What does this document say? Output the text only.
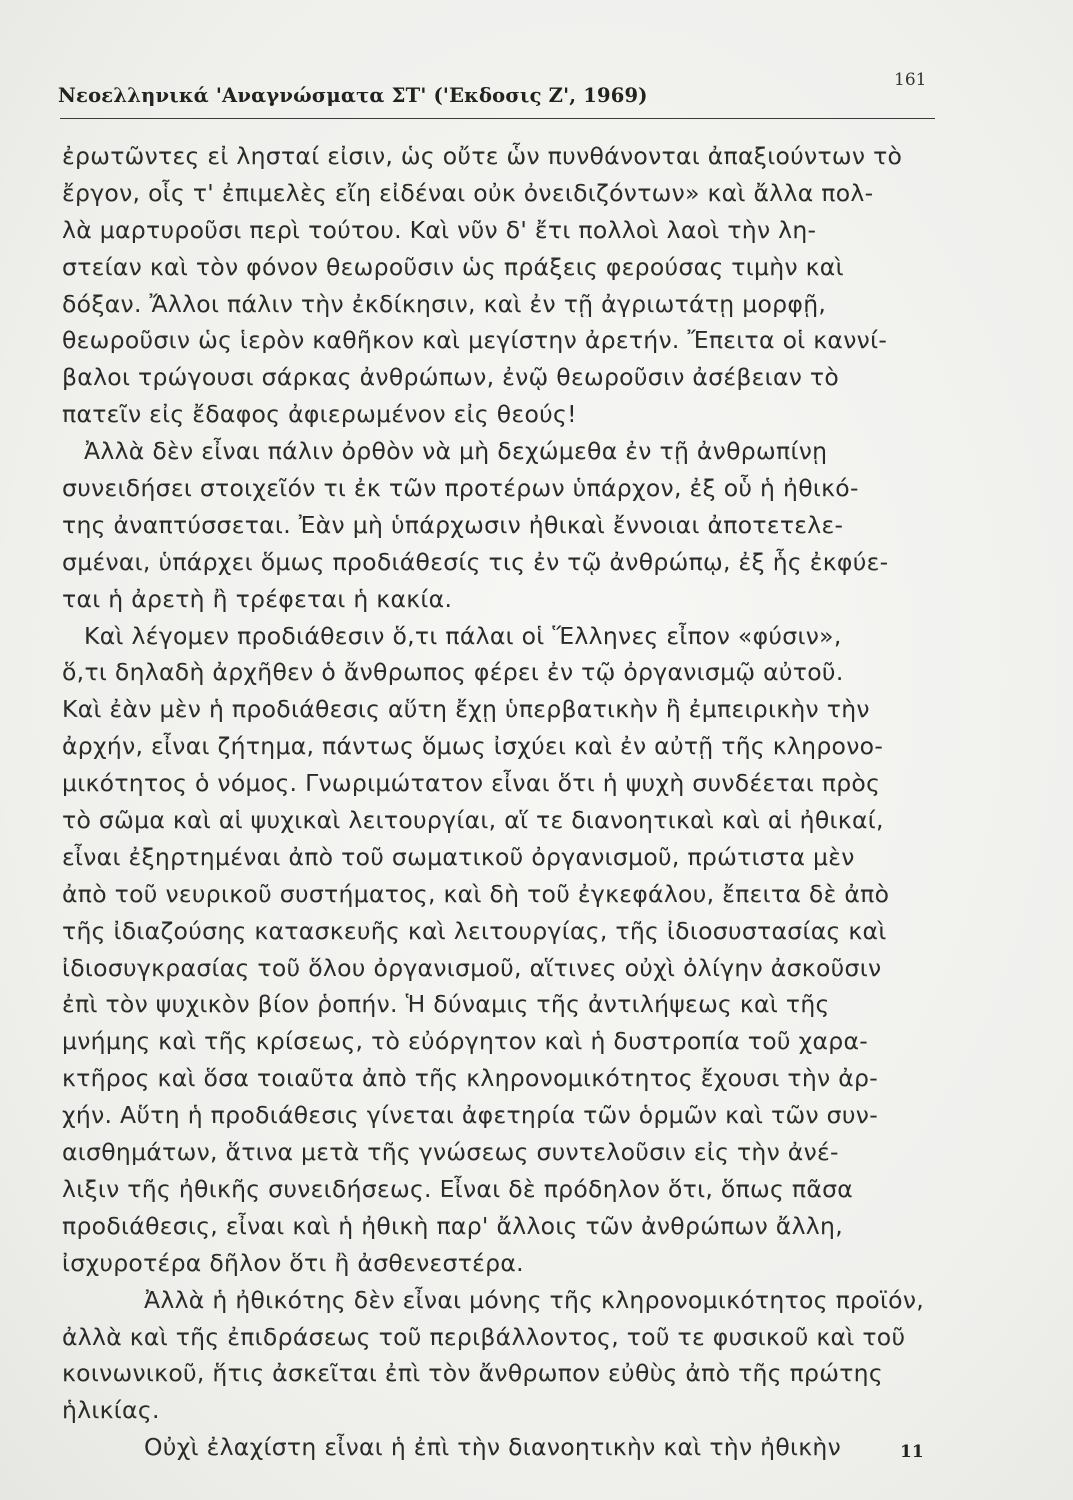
Νεοελληνικά 'Αναγνώσματα ΣΤ' ('Εκδοσις Ζ', 1969)
161
ἐρωτῶντες εἰ λησταί εἰσιν, ὡς οὔτε ὧν πυνθάνονται ἀπαξιούντων τὸ
ἔργον, οἷς τ' ἐπιμελὲς εἴη εἰδέναι οὐκ ὀνειδιζόντων» καὶ ἄλλα πολ-
λὰ μαρτυροῦσι περὶ τούτου. Καὶ νῦν δ' ἔτι πολλοὶ λαοὶ τὴν λη-
στείαν καὶ τὸν φόνον θεωροῦσιν ὡς πράξεις φερούσας τιμὴν καὶ
δόξαν. Ἄλλοι πάλιν τὴν ἐκδίκησιν, καὶ ἐν τῇ ἀγριωτάτῃ μορφῇ,
θεωροῦσιν ὡς ἱερὸν καθῆκον καὶ μεγίστην ἀρετήν. Ἔπειτα οἱ καννί-
βαλοι τρώγουσι σάρκας ἀνθρώπων, ἐνῷ θεωροῦσιν ἀσέβειαν τὸ
πατεῖν εἰς ἔδαφος ἀφιερωμένον εἰς θεούς!
Ἀλλὰ δὲν εἶναι πάλιν ὀρθὸν νὰ μὴ δεχώμεθα ἐν τῇ ἀνθρωπίνῃ
συνειδήσει στοιχεῖόν τι ἐκ τῶν προτέρων ὑπάρχον, ἐξ οὗ ἡ ἠθικό-
της ἀναπτύσσεται. Ἐὰν μὴ ὑπάρχωσιν ἠθικαὶ ἔννοιαι ἀποτετελε-
σμέναι, ὑπάρχει ὅμως προδιάθεσίς τις ἐν τῷ ἀνθρώπῳ, ἐξ ἧς ἐκφύε-
ται ἡ ἀρετὴ ἢ τρέφεται ἡ κακία.
Καὶ λέγομεν προδιάθεσιν ὅ,τι πάλαι οἱ Ἕλληνες εἶπον «φύσιν»,
ὅ,τι δηλαδὴ ἀρχῆθεν ὁ ἄνθρωπος φέρει ἐν τῷ ὀργανισμῷ αὐτοῦ.
Καὶ ἐὰν μὲν ἡ προδιάθεσις αὕτη ἔχῃ ὑπερβατικὴν ἢ ἐμπειρικὴν τὴν
ἀρχήν, εἶναι ζήτημα, πάντως ὅμως ἰσχύει καὶ ἐν αὐτῇ τῆς κληρονο-
μικότητος ὁ νόμος. Γνωριμώτατον εἶναι ὅτι ἡ ψυχὴ συνδέεται πρὸς
τὸ σῶμα καὶ αἱ ψυχικαὶ λειτουργίαι, αἵ τε διανοητικαὶ καὶ αἱ ἠθικαί,
εἶναι ἐξηρτημέναι ἀπὸ τοῦ σωματικοῦ ὀργανισμοῦ, πρώτιστα μὲν
ἀπὸ τοῦ νευρικοῦ συστήματος, καὶ δὴ τοῦ ἐγκεφάλου, ἔπειτα δὲ ἀπὸ
τῆς ἰδιαζούσης κατασκευῆς καὶ λειτουργίας, τῆς ἰδιοσυστασίας καὶ
ἰδιοσυγκρασίας τοῦ ὅλου ὀργανισμοῦ, αἵτινες οὐχὶ ὀλίγην ἀσκοῦσιν
ἐπὶ τὸν ψυχικὸν βίον ῥοπήν. Ἡ δύναμις τῆς ἀντιλήψεως καὶ τῆς
μνήμης καὶ τῆς κρίσεως, τὸ εὐόργητον καὶ ἡ δυστροπία τοῦ χαρα-
κτῆρος καὶ ὅσα τοιαῦτα ἀπὸ τῆς κληρονομικότητος ἔχουσι τὴν ἀρ-
χήν. Αὕτη ἡ προδιάθεσις γίνεται ἀφετηρία τῶν ὁρμῶν καὶ τῶν συν-
αισθημάτων, ἅτινα μετὰ τῆς γνώσεως συντελοῦσιν εἰς τὴν ἀνέ-
λιξιν τῆς ἠθικῆς συνειδήσεως. Εἶναι δὲ πρόδηλον ὅτι, ὅπως πᾶσα
προδιάθεσις, εἶναι καὶ ἡ ἠθικὴ παρ' ἄλλοις τῶν ἀνθρώπων ἄλλη,
ἰσχυροτέρα δῆλον ὅτι ἢ ἀσθενεστέρα.
Ἀλλὰ ἡ ἠθικότης δὲν εἶναι μόνης τῆς κληρονομικότητος προϊόν,
ἀλλὰ καὶ τῆς ἐπιδράσεως τοῦ περιβάλλοντος, τοῦ τε φυσικοῦ καὶ τοῦ
κοινωνικοῦ, ἥτις ἀσκεῖται ἐπὶ τὸν ἄνθρωπον εὐθὺς ἀπὸ τῆς πρώτης
ἡλικίας.
Οὐχὶ ἐλαχίστη εἶναι ἡ ἐπὶ τὴν διανοητικὴν καὶ τὴν ἠθικὴν	11
